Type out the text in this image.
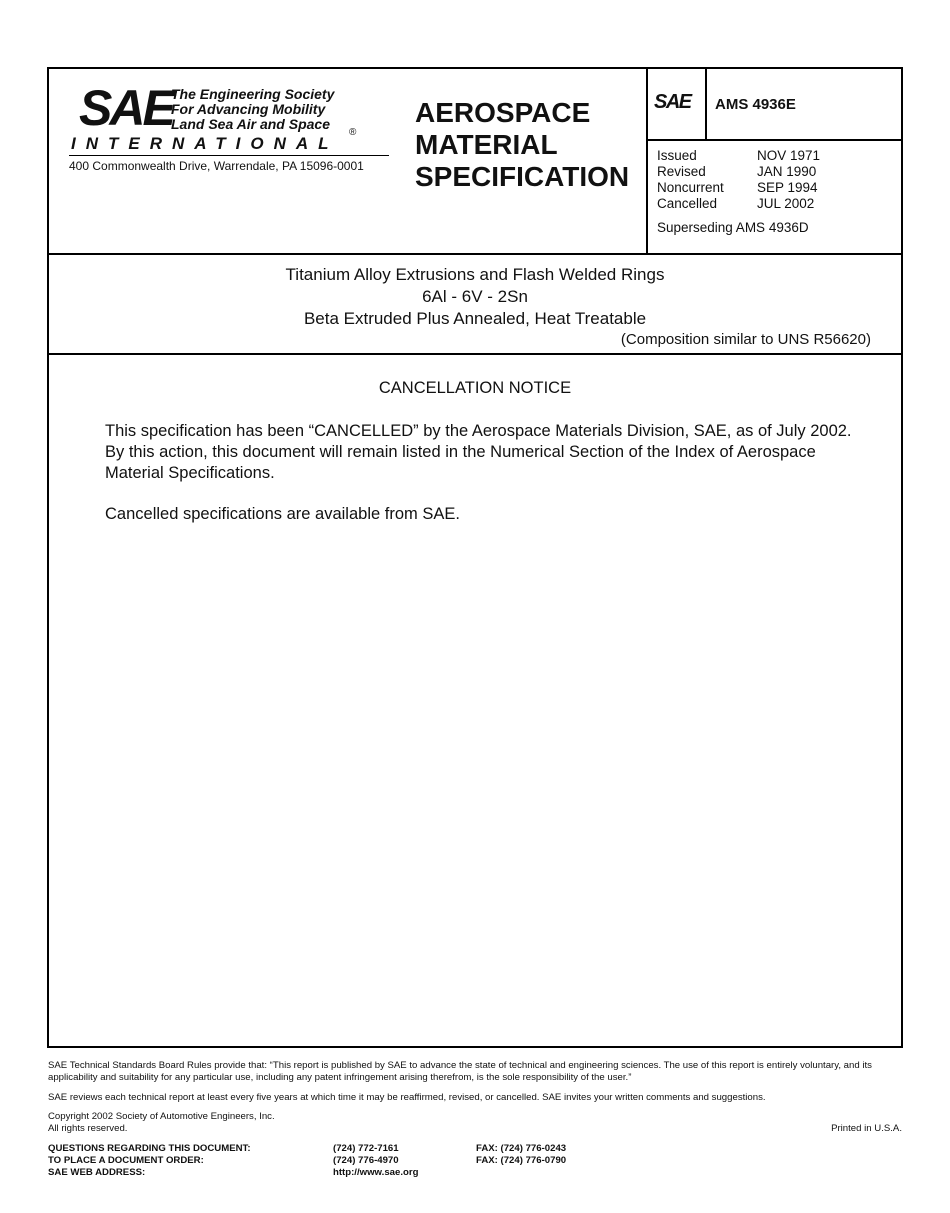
SAE
The Engineering Society
For Advancing Mobility
Land Sea Air and Space
INTERNATIONAL
®
400 Commonwealth Drive, Warrendale, PA 15096-0001
AEROSPACE
MATERIAL
SPECIFICATION
SAE AMS 4936E
Issued	NOV 1971
Revised	JAN 1990
Noncurrent SEP 1994
Cancelled	JUL 2002
Superseding AMS 4936D
Titanium Alloy Extrusions and Flash Welded Rings
6Al - 6V - 2Sn
Beta Extruded Plus Annealed, Heat Treatable
(Composition similar to UNS R56620)
CANCELLATION NOTICE
This specification has been “CANCELLED” by the Aerospace Materials Division, SAE, as of July 2002. By this action, this document will remain listed in the Numerical Section of the Index of Aerospace Material Specifications.
Cancelled specifications are available from SAE.
SAE Technical Standards Board Rules provide that: “This report is published by SAE to advance the state of technical and engineering sciences. The use of this report is entirely voluntary, and its applicability and suitability for any particular use, including any patent infringement arising therefrom, is the sole responsibility of the user.”
SAE reviews each technical report at least every five years at which time it may be reaffirmed, revised, or cancelled. SAE invites your written comments and suggestions.
Copyright 2002 Society of Automotive Engineers, Inc.
All rights reserved.	Printed in U.S.A.
QUESTIONS REGARDING THIS DOCUMENT:	(724) 772-7161	FAX: (724) 776-0243
TO PLACE A DOCUMENT ORDER:	(724) 776-4970	FAX: (724) 776-0790
SAE WEB ADDRESS:	http://www.sae.org
